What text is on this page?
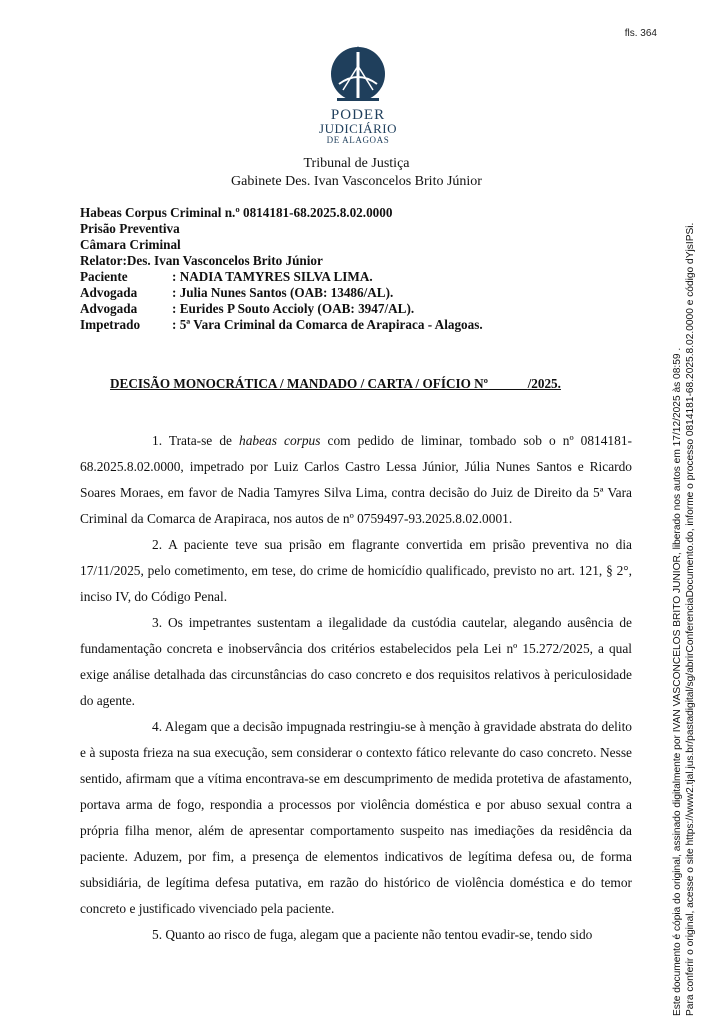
fls. 364
PODER
JUDICIÁRIO
DE ALAGOAS
Tribunal de Justiça
Gabinete Des. Ivan Vasconcelos Brito Júnior
Habeas Corpus Criminal n.º 0814181-68.2025.8.02.0000
Prisão Preventiva
Câmara Criminal
Relator:Des. Ivan Vasconcelos Brito Júnior
Paciente	: NADIA TAMYRES SILVA LIMA.
Advogada	: Julia Nunes Santos (OAB: 13486/AL).
Advogada	: Eurides P Souto Accioly (OAB: 3947/AL).
Impetrado : 5ª Vara Criminal da Comarca de Arapiraca - Alagoas.
DECISÃO MONOCRÁTICA / MANDADO / CARTA / OFÍCIO Nº	/2025.

1. Trata-se de habeas corpus com pedido de liminar, tombado sob o nº 0814181-68.2025.8.02.0000, impetrado por Luiz Carlos Castro Lessa Júnior, Júlia Nunes Santos e Ricardo Soares Moraes, em favor de Nadia Tamyres Silva Lima, contra decisão do Juiz de Direito da 5ª Vara Criminal da Comarca de Arapiraca, nos autos de nº 0759497-93.2025.8.02.0001.

2. A paciente teve sua prisão em flagrante convertida em prisão preventiva no dia 17/11/2025, pelo cometimento, em tese, do crime de homicídio qualificado, previsto no art. 121, § 2°, inciso IV, do Código Penal.

3. Os impetrantes sustentam a ilegalidade da custódia cautelar, alegando ausência de fundamentação concreta e inobservância dos critérios estabelecidos pela Lei nº 15.272/2025, a qual exige análise detalhada das circunstâncias do caso concreto e dos requisitos relativos à periculosidade do agente.

4. Alegam que a decisão impugnada restringiu-se à menção à gravidade abstrata do delito e à suposta frieza na sua execução, sem considerar o contexto fático relevante do caso concreto. Nesse sentido, afirmam que a vítima encontrava-se em descumprimento de medida protetiva de afastamento, portava arma de fogo, respondia a processos por violência doméstica e por abuso sexual contra a própria filha menor, além de apresentar comportamento suspeito nas imediações da residência da paciente. Aduzem, por fim, a presença de elementos indicativos de legítima defesa ou, de forma subsidiária, de legítima defesa putativa, em razão do histórico de violência doméstica e do temor concreto e justificado vivenciado pela paciente.

5. Quanto ao risco de fuga, alegam que a paciente não tentou evadir-se, tendo sido	Este documento é cópia do original, assinado digitalmente por IVAN VASCONCELOS BRITO JUNIOR, liberado nos autos em 17/12/2025 às 08:59 . Para conferir o original, acesse o site https://www2.tjal.jus.br/pastadigital/sg/abrirConferenciaDocumento.do, informe o processo 0814181-68.2025.8.02.0000 e código dYjsIPSi.
